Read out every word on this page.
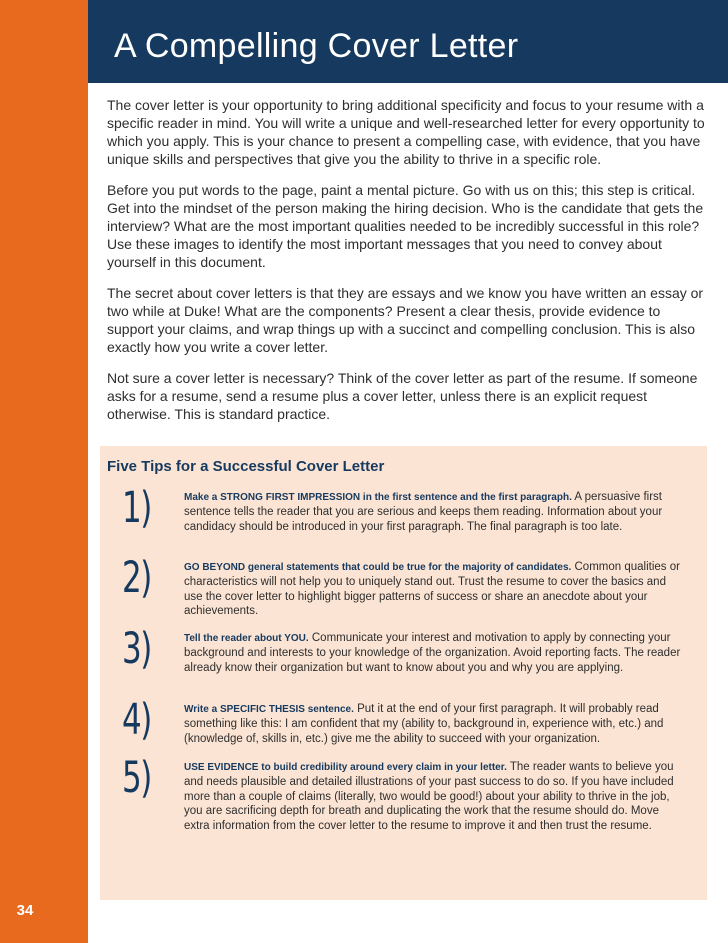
34
A Compelling Cover Letter

The cover letter is your opportunity to bring additional specificity and focus to your resume with a specific reader in mind. You will write a unique and well-researched letter for every opportunity to which you apply. This is your chance to present a compelling case, with evidence, that you have unique skills and perspectives that give you the ability to thrive in a specific role.

Before you put words to the page, paint a mental picture. Go with us on this; this step is critical. Get into the mindset of the person making the hiring decision. Who is the candidate that gets the interview? What are the most important qualities needed to be incredibly successful in this role? Use these images to identify the most important messages that you need to convey about yourself in this document.

The secret about cover letters is that they are essays and we know you have written an essay or two while at Duke! What are the components? Present a clear thesis, provide evidence to support your claims, and wrap things up with a succinct and compelling conclusion. This is also exactly how you write a cover letter.

Not sure a cover letter is necessary? Think of the cover letter as part of the resume. If someone asks for a resume, send a resume plus a cover letter, unless there is an explicit request otherwise. This is standard practice.

Five Tips for a Successful Cover Letter
1)	Make a STRONG FIRST IMPRESSION in the first sentence and the first paragraph. A persuasive first sentence tells the reader that you are serious and keeps them reading. Information about your candidacy should be introduced in your first paragraph. The final paragraph is too late.
2)	GO BEYOND general statements that could be true for the majority of candidates. Common qualities or characteristics will not help you to uniquely stand out. Trust the resume to cover the basics and use the cover letter to highlight bigger patterns of success or share an anecdote about your achievements.
3)	Tell the reader about YOU. Communicate your interest and motivation to apply by connecting your background and interests to your knowledge of the organization. Avoid reporting facts. The reader already know their organization but want to know about you and why you are applying.
4)	Write a SPECIFIC THESIS sentence. Put it at the end of your first paragraph. It will probably read something like this: I am confident that my (ability to, background in, experience with, etc.) and (knowledge of, skills in, etc.) give me the ability to succeed with your organization.
5)	USE EVIDENCE to build credibility around every claim in your letter. The reader wants to believe you and needs plausible and detailed illustrations of your past success to do so. If you have included more than a couple of claims (literally, two would be good!) about your ability to thrive in the job, you are sacrificing depth for breath and duplicating the work that the resume should do. Move extra information from the cover letter to the resume to improve it and then trust the resume.
